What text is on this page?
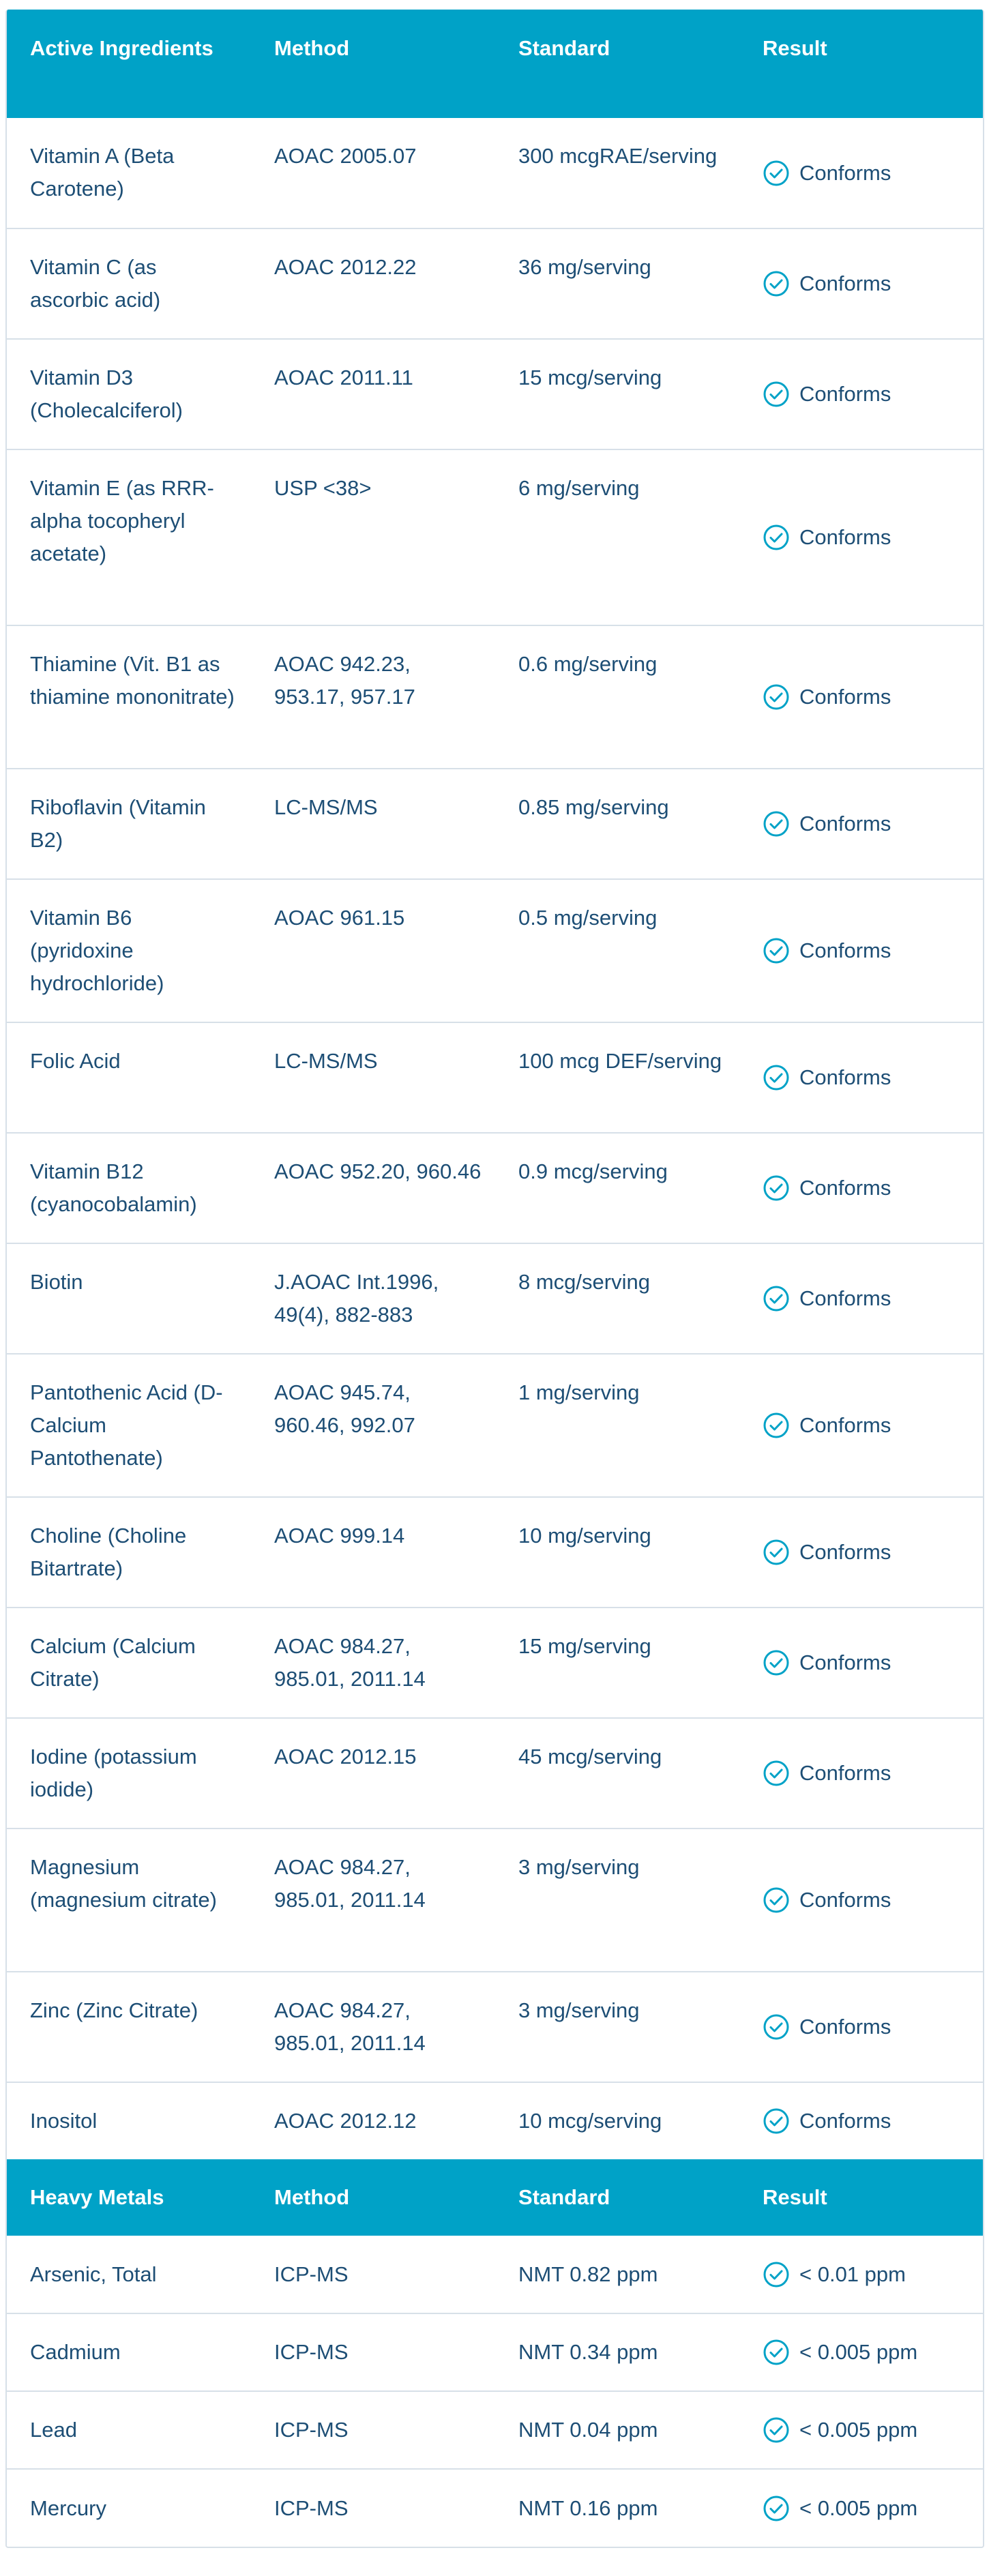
Active Ingredients	Method	Standard	Result
Vitamin A (Beta Carotene)	AOAC 2005.07	300 mcgRAE/serving	Conforms

Vitamin C (as ascorbic acid)	AOAC 2012.22	36 mg/serving	Conforms

Vitamin D3 (Cholecalciferol)	AOAC 2011.11	15 mcg/serving	Conforms

Vitamin E (as RRR-alpha tocopheryl acetate)	USP <38>	6 mg/serving	Conforms

Thiamine (Vit. B1 as thiamine mononitrate)	AOAC 942.23, 953.17, 957.17	0.6 mg/serving	Conforms

Riboflavin (Vitamin B2)	LC-MS/MS	0.85 mg/serving	Conforms

Vitamin B6 (pyridoxine hydrochloride)	AOAC 961.15	0.5 mg/serving	Conforms

Folic Acid	LC-MS/MS	100 mcg DEF/serving	Conforms

Vitamin B12 (cyanocobalamin)	AOAC 952.20, 960.46	0.9 mcg/serving	Conforms

Biotin	J.AOAC Int.1996, 49(4), 882-883	8 mcg/serving	Conforms

Pantothenic Acid (D-Calcium Pantothenate)	AOAC 945.74, 960.46, 992.07	1 mg/serving	Conforms

Choline (Choline Bitartrate)	AOAC 999.14	10 mg/serving	Conforms

Calcium (Calcium Citrate)	AOAC 984.27, 985.01, 2011.14	15 mg/serving	Conforms

Iodine (potassium iodide)	AOAC 2012.15	45 mcg/serving	Conforms

Magnesium (magnesium citrate)	AOAC 984.27, 985.01, 2011.14	3 mg/serving	Conforms

Zinc (Zinc Citrate)	AOAC 984.27, 985.01, 2011.14	3 mg/serving	Conforms

Inositol	AOAC 2012.12	10 mcg/serving	Conforms

Heavy Metals	Method	Standard	Result
Arsenic, Total	ICP-MS	NMT 0.82 ppm	< 0.01 ppm

Cadmium	ICP-MS	NMT 0.34 ppm	< 0.005 ppm

Lead	ICP-MS	NMT 0.04 ppm	< 0.005 ppm

Mercury	ICP-MS	NMT 0.16 ppm	< 0.005 ppm
